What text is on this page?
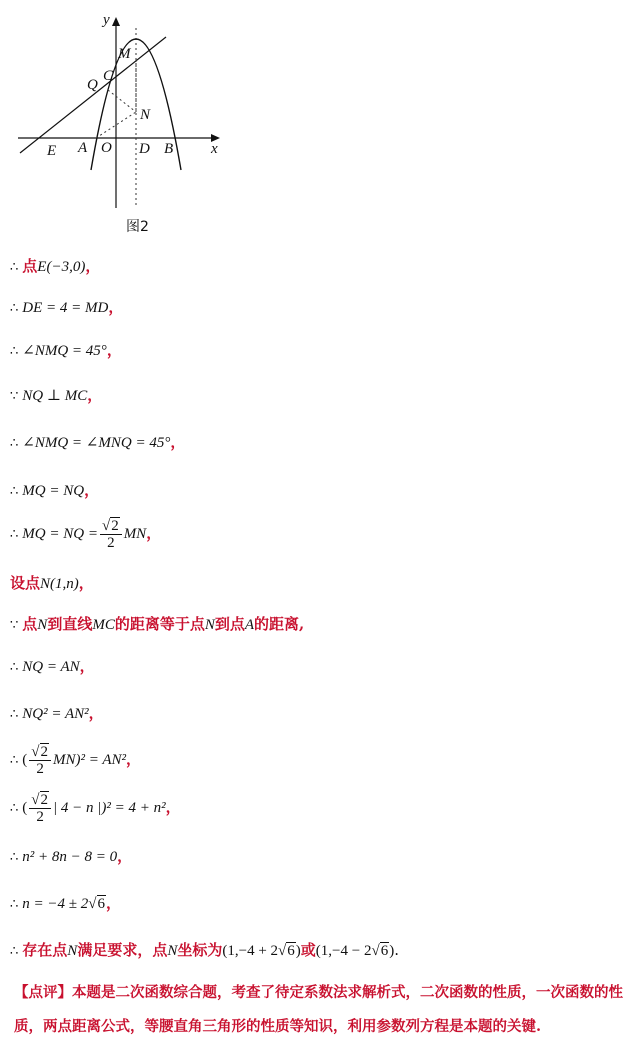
y
x
M
C
Q
N
E A O D B
图2
∴ 点E(−3,0)，
∴ DE = 4 = MD，
∴ ∠NMQ = 45°，
∵ NQ ⊥ MC，
∴ ∠NMQ = ∠MNQ = 45°，
∴ MQ = NQ，
∴ MQ = NQ = $\frac{√2}{2}$ MN，
设点N(1,n)，
∵ 点N到直线MC的距离等于点N到点A的距离,
∴ NQ = AN，
∴ NQ² = AN²，
∴ ( $\frac{√2}{2} MN)^2 = AN^2$，
∴ ( $\frac{√2}{2}$ | 4 − n |)² = 4 + n²，
∴ n² + 8n − 8 = 0，
∴ n = −4 ± 2√6，
∴ 存在点N满足要求，点N坐标为(1,−4 + 2√6)或(1,−4 − 2√6).
【点评】本题是二次函数综合题，考查了待定系数法求解析式，二次函数的性质，一次函数的性质，两点距离公式，等腰直角三角形的性质等知识，利用参数列方程是本题的关键.
